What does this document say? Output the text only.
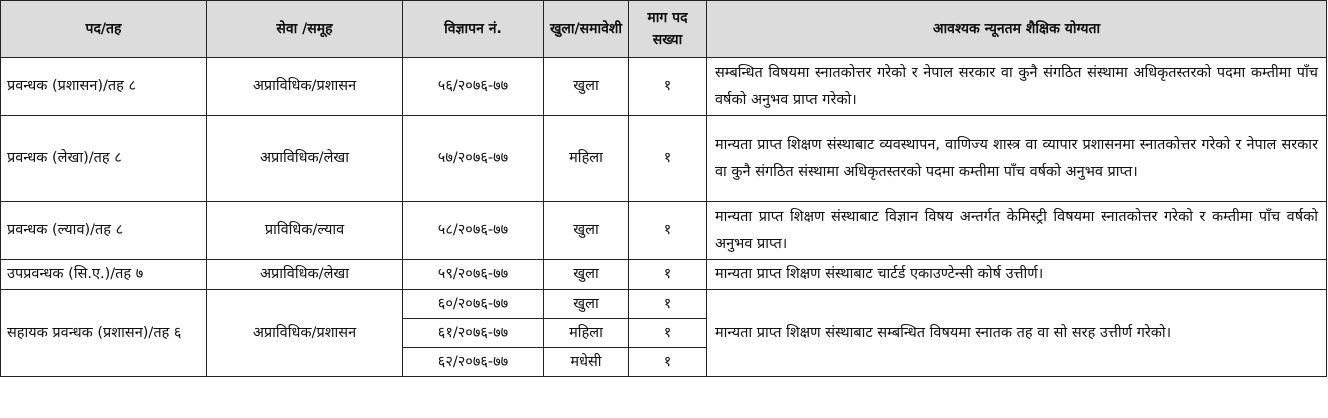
पद/तह	सेवा /समूह	विज्ञापन नं.	खुला/समावेशी	माग पद सख्या	आवश्यक न्यूनतम शैक्षिक योग्यता
प्रवन्धक (प्रशासन)/तह ८	अप्राविधिक/प्रशासन	५६/२०७६-७७	खुला	१	सम्बन्धित विषयमा स्नातकोत्तर गरेको र नेपाल सरकार वा कुनै संगठित संस्थामा अधिकृतस्तरको पदमा कम्तीमा पाँच वर्षको अनुभव प्राप्त गरेको।
प्रवन्धक (लेखा)/तह ८	अप्राविधिक/लेखा	५७/२०७६-७७	महिला	१	मान्यता प्राप्त शिक्षण संस्थाबाट व्यवस्थापन, वाणिज्य शास्त्र वा व्यापार प्रशासनमा स्नातकोत्तर गरेको र नेपाल सरकार वा कुनै संगठित संस्थामा अधिकृतस्तरको पदमा कम्तीमा पाँच वर्षको अनुभव प्राप्त।
प्रवन्धक (ल्याव)/तह ८	प्राविधिक/ल्याव	५८/२०७६-७७	खुला	१	मान्यता प्राप्त शिक्षण संस्थाबाट विज्ञान विषय अन्तर्गत केमिस्ट्री विषयमा स्नातकोत्तर गरेको र कम्तीमा पाँच वर्षको अनुभव प्राप्त।
उपप्रवन्धक (सि.ए.)/तह ७	अप्राविधिक/लेखा	५९/२०७६-७७	खुला	१	मान्यता प्राप्त शिक्षण संस्थाबाट चार्टर्ड एकाउण्टेन्सी कोर्ष उत्तीर्ण।
सहायक प्रवन्धक (प्रशासन)/तह ६	अप्राविधिक/प्रशासन	६०/२०७६-७७	खुला	१	मान्यता प्राप्त शिक्षण संस्थाबाट सम्बन्धित विषयमा स्नातक तह वा सो सरह उत्तीर्ण गरेको।
		६१/२०७६-७७	महिला	१	
		६२/२०७६-७७	मधेसी	१	
